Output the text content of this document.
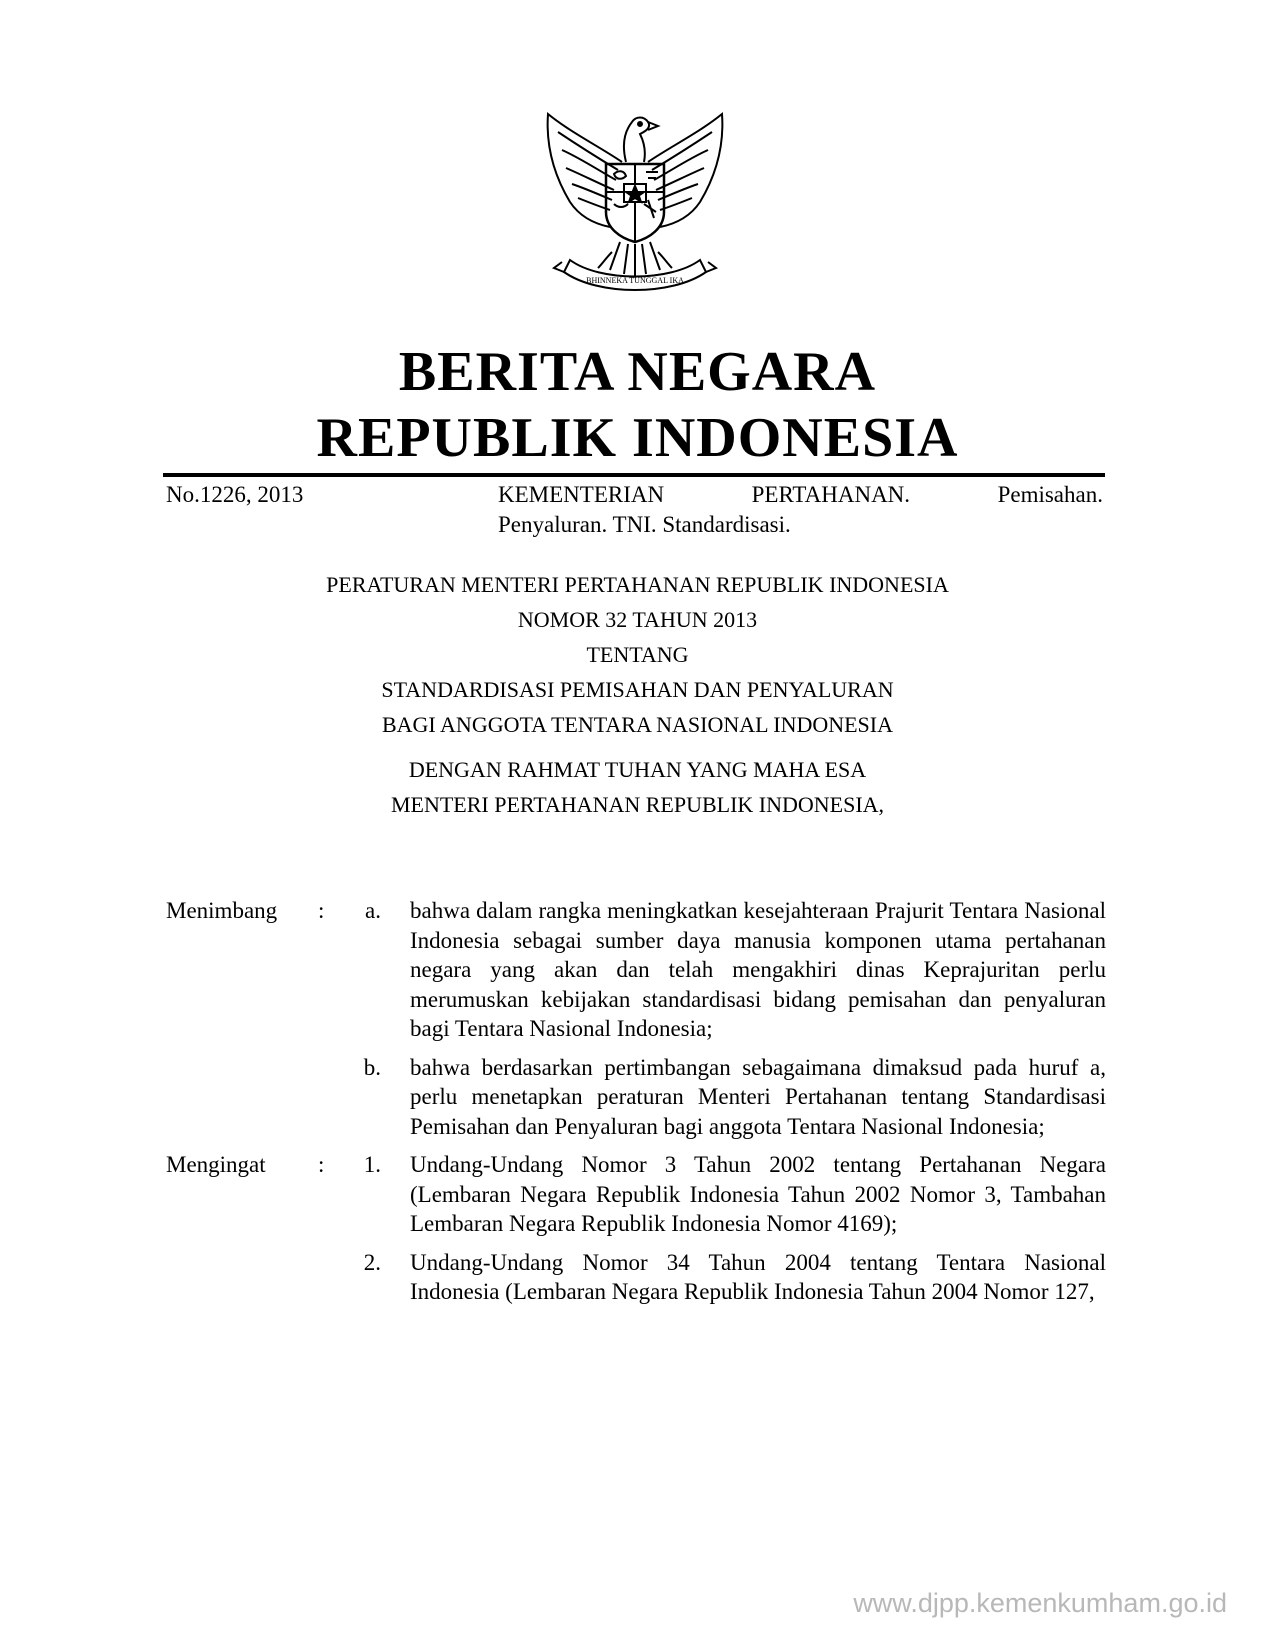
BHINNEKA TUNGGAL IKA
BERITA NEGARA
REPUBLIK INDONESIA
No.1226, 2013	KEMENTERIAN	PERTAHANAN.	Pemisahan.
Penyaluran. TNI. Standardisasi.
PERATURAN MENTERI PERTAHANAN REPUBLIK INDONESIA
NOMOR 32 TAHUN 2013
TENTANG
STANDARDISASI PEMISAHAN DAN PENYALURAN
BAGI ANGGOTA TENTARA NASIONAL INDONESIA
DENGAN RAHMAT TUHAN YANG MAHA ESA
MENTERI PERTAHANAN REPUBLIK INDONESIA,
Menimbang	:	a. bahwa dalam rangka meningkatkan kesejahteraan Prajurit Tentara Nasional Indonesia sebagai sumber daya manusia komponen utama pertahanan negara yang akan dan telah mengakhiri dinas Keprajuritan perlu merumuskan kebijakan standardisasi bidang pemisahan dan penyaluran bagi Tentara Nasional Indonesia;
b. bahwa berdasarkan pertimbangan sebagaimana dimaksud pada huruf a, perlu menetapkan peraturan Menteri Pertahanan tentang Standardisasi Pemisahan dan Penyaluran bagi anggota Tentara Nasional Indonesia;
Mengingat	:	1. Undang-Undang Nomor 3 Tahun 2002 tentang Pertahanan Negara (Lembaran Negara Republik Indonesia Tahun 2002 Nomor 3, Tambahan Lembaran Negara Republik Indonesia Nomor 4169);
2. Undang-Undang Nomor 34 Tahun 2004 tentang Tentara Nasional Indonesia (Lembaran Negara Republik Indonesia Tahun 2004 Nomor 127,
www.djpp.kemenkumham.go.id
